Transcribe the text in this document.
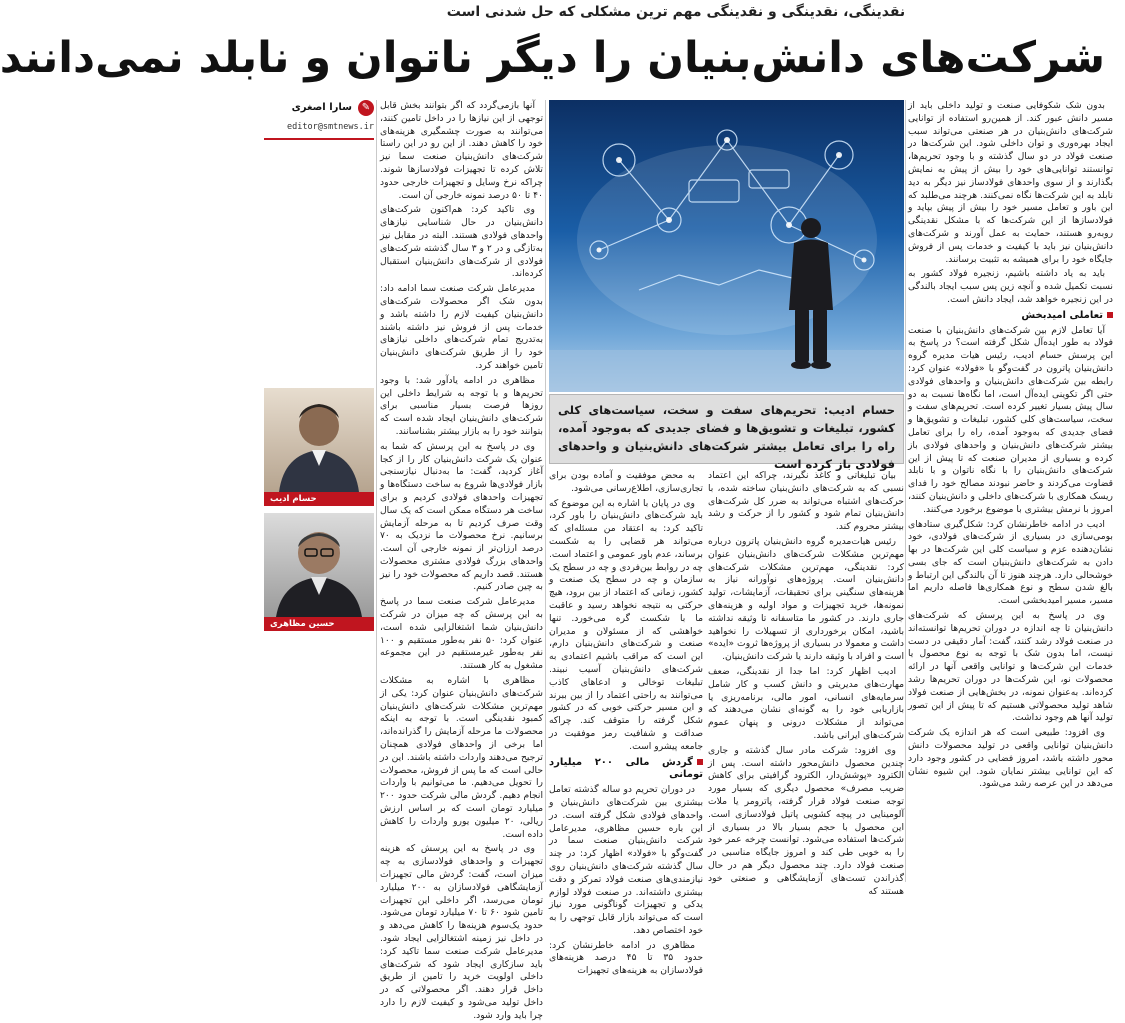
نقدینگی، نقدینگی و نقدینگی مهم ترین مشکلی که حل شدنی است
شرکت‌های دانش‌بنیان را دیگر ناتوان و نابلد نمی‌دانند

بدون شک شکوفایی صنعت و تولید داخلی باید از مسیر دانش عبور کند. از همین‌رو استفاده از توانایی شرکت‌های دانش‌بنیان در هر صنعتی می‌تواند سبب ایجاد بهره‌وری و توان داخلی شود. این شرکت‌ها در صنعت فولاد در دو سال گذشته و با وجود تحریم‌ها، توانستند توانایی‌های خود را بیش از پیش به نمایش بگذارند و از سوی واحدهای فولادساز نیز دیگر به دید نابلد به این شرکت‌ها نگاه نمی‌کنند. هرچند می‌طلبد که این باور و تعامل مسیر خود را بیش از پیش بپاید و فولادسازها از این شرکت‌ها که با مشکل نقدینگی روبه‌رو هستند، حمایت به عمل آورند و شرکت‌های دانش‌بنیان نیز باید با کیفیت و خدمات پس از فروش جایگاه خود را برای همیشه به تثبیت برسانند.

باید به یاد داشته باشیم، زنجیره فولاد کشور به نسبت تکمیل شده و آنچه زین پس سبب ایجاد بالندگی در این زنجیره خواهد شد، ایجاد دانش است.

تعاملی امیدبخش

آیا تعامل لازم بین شرکت‌های دانش‌بنیان با صنعت فولاد به طور ایده‌آل شکل گرفته است؟ در پاسخ به این پرسش حسام ادیب، رئیس هیات مدیره گروه دانش‌بنیان پاترون در گفت‌وگو با «فولاد» عنوان کرد: رابطه بین شرکت‌های دانش‌بنیان و واحدهای فولادی حتی اگر تکوینی ایده‌آل است، اما نگاه‌ها نسبت به دو سال پیش بسیار تغییر کرده است. تحریم‌های سفت و سخت، سیاست‌های کلی کشور، تبلیغات و تشویق‌ها و فضای جدیدی که به‌وجود آمده، راه را برای تعامل بیشتر شرکت‌های دانش‌بنیان و واحدهای فولادی باز کرده و بسیاری از مدیران صنعت که تا پیش از این شرکت‌های دانش‌بنیان را با نگاه ناتوان و با نابلد قضاوت می‌کردند و حاضر نبودند مصالح خود را فدای ریسک همکاری با شرکت‌های داخلی و دانش‌بنیان کنند، امروز با نرمش بیشتری با موضوع برخورد می‌کنند.

ادیب در ادامه خاطرنشان کرد: شکل‌گیری ستادهای بومی‌سازی در بسیاری از شرکت‌های فولادی، خود نشان‌دهنده عزم و سیاست کلی این شرکت‌ها در بها دادن به شرکت‌های دانش‌بنیان است که جای بسی خوشحالی دارد. هرچند هنوز تا آن بالندگی این ارتباط و بالغ شدن سطح و نوع همکاری‌ها فاصله داریم اما مسیر، مسیر امیدبخشی است.

وی در پاسخ به این پرسش که شرکت‌های دانش‌بنیان تا چه اندازه در دوران تحریم‌ها توانسته‌اند در صنعت فولاد رشد کنند، گفت: آمار دقیقی در دست نیست، اما بدون شک با توجه به نوع محصول یا خدمات این شرکت‌ها و توانایی واقعی آنها در ارائه محصولات نو، این شرکت‌ها در دوران تحریم‌ها رشد کرده‌اند. به‌عنوان نمونه، در بخش‌هایی از صنعت فولاد شاهد تولید محصولاتی هستیم که تا پیش از این تصور تولید آنها هم وجود نداشت.

وی افزود: طبیعی است که هر اندازه یک شرکت دانش‌بنیان توانایی واقعی در تولید محصولات دانش محور داشته باشد، امروز فضایی در کشور وجود دارد که این توانایی بیشتر نمایان شود. این شیوه نشان می‌دهد در این عرصه رشد می‌شود.

حسام ادیب: تحریم‌های سفت و سخت، سیاست‌های کلی کشور، تبلیغات و تشویق‌ها و فضای جدیدی که به‌وجود آمده، راه را برای تعامل بیشتر شرکت‌های دانش‌بنیان و واحدهای فولادی باز کرده است

بیان تبلیغاتی و کاغذ نگیرند، چراکه این اعتماد نسبی که به شرکت‌های دانش‌بنیان ساخته شده، با حرکت‌های اشتباه می‌تواند به ضرر کل شرکت‌های دانش‌بنیان تمام شود و کشور را از حرکت و رشد بیشتر محروم کند.

رئیس هیات‌مدیره گروه دانش‌بنیان پاترون درباره مهم‌ترین مشکلات شرکت‌های دانش‌بنیان عنوان کرد: نقدینگی، مهم‌ترین مشکلات شرکت‌های دانش‌بنیان است. پروژه‌های نوآورانه نیاز به هزینه‌های سنگینی برای تحقیقات، آزمایشات، تولید نمونه‌ها، خرید تجهیزات و مواد اولیه و هزینه‌های جاری دارند. در کشور ما متاسفانه تا وثیقه نداشته باشید، امکان برخورداری از تسهیلات را نخواهید داشت و معمولا در بسیاری از پروژه‌ها ثروت «ایده» است و افراد با وثیقه دارند یا شرکت دانش‌بنیان.

ادیب اظهار کرد: اما جدا از نقدینگی، ضعف مهارت‌های مدیریتی و دانش کسب و کار شامل سرمایه‌های انسانی، امور مالی، برنامه‌ریزی یا بازاریابی خود را به گونه‌ای نشان می‌دهند که می‌تواند از مشکلات درونی و پنهان عموم شرکت‌های ایرانی باشد.

وی افزود: شرکت مادر سال گذشته و جاری چندین محصول دانش‌محور داشته است. پس از الکترود «پوشش‌دار، الکترود گرافیتی برای کاهش ضریب مصرف» محصول دیگری که بسیار مورد توجه صنعت فولاد قرار گرفته، پاترومر یا ملات آلومینایی در پیچه کشویی پاتیل فولادسازی است. این محصول با حجم بسیار بالا در بسیاری از شرکت‌ها استفاده می‌شود. توانست چرخه عمر خود را به خوبی طی کند و امروز جایگاه مناسبی در صنعت فولاد دارد. چند محصول دیگر هم در حال گذراندن تست‌های آزمایشگاهی و صنعتی خود هستند که

به محض موفقیت و آماده بودن برای تجاری‌سازی، اطلاع‌رسانی می‌شود.

وی در پایان با اشاره به این موضوع که باید شرکت‌های دانش‌بنیان را باور کرد، تاکید کرد: به اعتقاد من مسئله‌ای که می‌تواند هر قضایی را به شکست برساند، عدم باور عمومی و اعتماد است. چه در روابط بین‌فردی و چه در سطح یک سازمان و چه در سطح یک صنعت و کشور، زمانی که اعتماد از بین برود، هیچ حرکتی به نتیجه نخواهد رسید و عاقبت ما با شکست گره می‌خورد. تنها خواهشی که از مسئولان و مدیران صنعت و شرکت‌های دانش‌بنیان دارم، این است که مراقب باشیم اعتمادی به شرکت‌های دانش‌بنیان آسیب نبیند. تبلیغات توخالی و ادعاهای کاذب می‌توانند به راحتی اعتماد را از بین ببرند و این مسیر حرکتی خوبی که در کشور شکل گرفته را متوقف کند. چراکه صداقت و شفافیت رمز موفقیت در جامعه پیشرو است.

گردش مالی ۲۰۰ میلیارد تومانی

در دوران تحریم دو ساله گذشته تعامل بیشتری بین شرکت‌های دانش‌بنیان و واحدهای فولادی شکل گرفته است. در این باره حسین مظاهری، مدیرعامل شرکت دانش‌بنیان صنعت سما در گفت‌وگو با «فولاد» اظهار کرد: در چند سال گذشته شرکت‌های دانش‌بنیان روی نیازمندی‌های صنعت فولاد تمرکز و دقت بیشتری داشته‌اند. در صنعت فولاد لوازم یدکی و تجهیزات گوناگونی مورد نیاز است که می‌تواند بازار قابل توجهی را به خود اختصاص دهد.

مظاهری در ادامه خاطرنشان کرد: حدود ۳۵ تا ۴۵ درصد هزینه‌های فولادسازان به هزینه‌های تجهیزات

آنها بازمی‌گردد که اگر بتوانند بخش قابل توجهی از این نیازها را در داخل تامین کنند، می‌توانند به صورت چشمگیری هزینه‌های خود را کاهش دهند. از این رو در این راستا شرکت‌های دانش‌بنیان صنعت سما نیز تلاش کرده تا تجهیزات فولادسازها شوند. چراکه نرخ وسایل و تجهیزات خارجی حدود ۴۰ تا ۵۰ درصد نمونه خارجی آن است.

وی تاکید کرد: هم‌اکنون شرکت‌های دانش‌بنیان در حال شناسایی نیازهای واحدهای فولادی هستند. البته در مقابل نیز به‌تازگی و در ۲ و ۳ سال گذشته شرکت‌های فولادی از شرکت‌های دانش‌بنیان استقبال کرده‌اند.

مدیرعامل شرکت صنعت سما ادامه داد: بدون شک اگر محصولات شرکت‌های دانش‌بنیان کیفیت لازم را داشته باشد و خدمات پس از فروش نیز داشته باشند به‌تدریج تمام شرکت‌های داخلی نیازهای خود را از طریق شرکت‌های دانش‌بنیان تامین خواهند کرد.

مظاهری در ادامه یادآور شد: با وجود تحریم‌ها و با توجه به شرایط داخلی این روزها فرصت بسیار مناسبی برای شرکت‌های دانش‌بنیان ایجاد شده است که بتوانند خود را به بازار بیشتر بشناسانند.

وی در پاسخ به این پرسش که شما به عنوان یک شرکت دانش‌بنیان کار را از کجا آغاز کردید، گفت: ما به‌دنبال نیازسنجی بازار فولادی‌ها شروع به ساخت دستگاه‌ها و تجهیزات واحدهای فولادی کردیم و برای ساخت هر دستگاه ممکن است که یک سال وقت صرف کردیم تا به مرحله آزمایش برسانیم. نرخ محصولات ما نزدیک به ۷۰ درصد ارزان‌تر از نمونه خارجی آن است. واحدهای بزرگ فولادی مشتری محصولات هستند. قصد داریم که محصولات خود را نیز به چین صادر کنیم.

مدیرعامل شرکت صنعت سما در پاسخ به این پرسش که چه میزان در شرکت دانش‌بنیان شما اشتغالزایی شده است، عنوان کرد: ۵۰ نفر به‌طور مستقیم و ۱۰۰ نفر به‌طور غیرمستقیم در این مجموعه مشغول به کار هستند.

مظاهری با اشاره به مشکلات شرکت‌های دانش‌بنیان عنوان کرد: یکی از مهم‌ترین مشکلات شرکت‌های دانش‌بنیان کمبود نقدینگی است. با توجه به اینکه محصولات ما مرحله آزمایش را گذرانده‌اند، اما برخی از واحدهای فولادی همچنان ترجیح می‌دهند واردات داشته باشند. این در حالی است که ما پس از فروش، محصولات را تحویل می‌دهیم. ما می‌توانیم با واردات انجام دهیم. گردش مالی شرکت حدود ۲۰۰ میلیارد تومان است که بر اساس ارزش ریالی، ۲۰ میلیون یورو واردات را کاهش داده است.

وی در پاسخ به این پرسش که هزینه تجهیزات و واحدهای فولادسازی به چه میزان است، گفت: گردش مالی تجهیزات آزمایشگاهی فولادسازان به ۲۰۰ میلیارد تومان می‌رسد، اگر داخلی این تجهیزات تامین شود ۶۰ تا ۷۰ میلیارد تومان می‌شود. حدود یک‌سوم هزینه‌ها را کاهش می‌دهد و در داخل نیز زمینه اشتغالزایی ایجاد شود. مدیرعامل شرکت صنعت سما تاکید کرد: باید سازکاری ایجاد شود که شرکت‌های داخلی اولویت خرید را تامین از طریق داخل قرار دهند. اگر محصولاتی که در داخل تولید می‌شود و کیفیت لازم را دارد چرا باید وارد شود.

✎
سارا اصغری
editor@smtnews.ir
حسام ادیب
حسین مظاهری
